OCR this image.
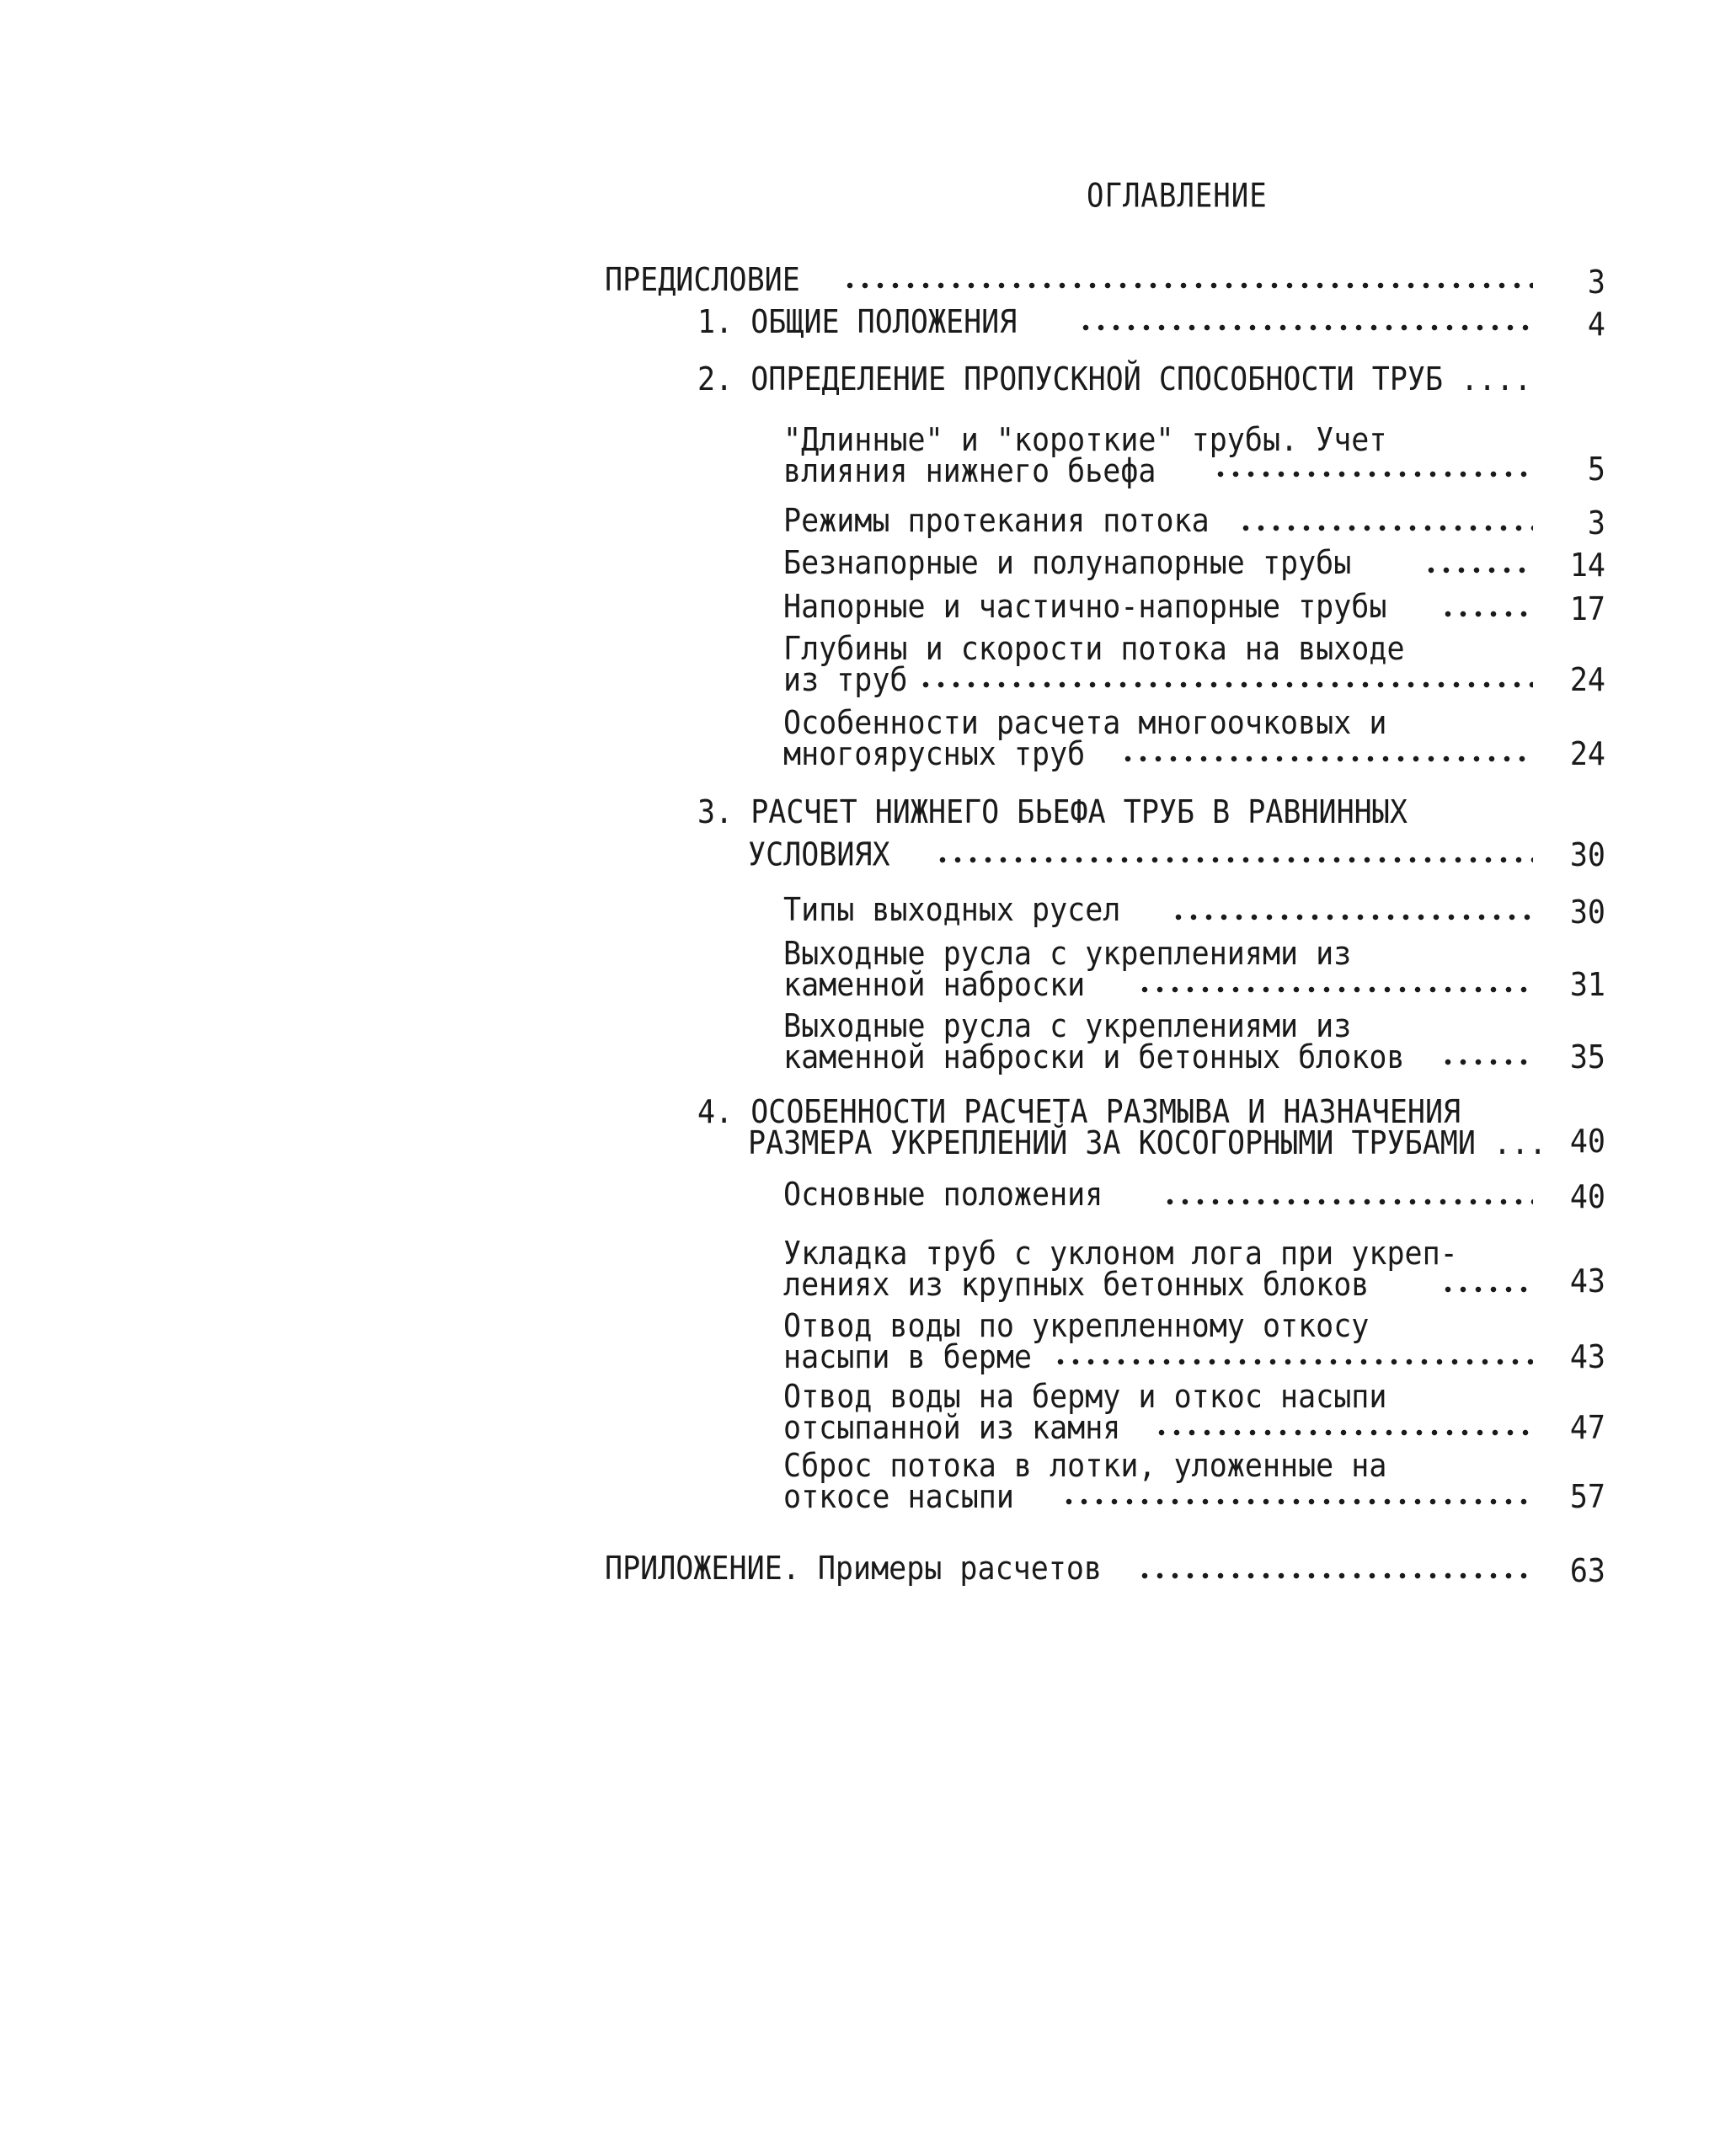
ОГЛАВЛЕНИЕ
ПРЕДИСЛОВИЕ	3
1. ОБЩИЕ ПОЛОЖЕНИЯ	4
2. ОПРЕДЕЛЕНИЕ ПРОПУСКНОЙ СПОСОБНОСТИ ТРУБ ....
"Длинные" и "короткие" трубы. Учет
влияния нижнего бьефа	5
Режимы протекания потока	3
Безнапорные и полунапорные трубы	14
Напорные и частично-напорные трубы	17
Глубины и скорости потока на выходе
из труб	24
Особенности расчета многоочковых и
многоярусных труб	24
3. РАСЧЕТ НИЖНЕГО БЬЕФА ТРУБ В РАВНИННЫХ
УСЛОВИЯХ	30
Типы выходных русел	30
Выходные русла с укреплениями из
каменной наброски	31
Выходные русла с укреплениями из
каменной наброски и бетонных блоков	35
4. ОСОБЕННОСТИ РАСЧЕТА РАЗМЫВА И НАЗНАЧЕНИЯ
РАЗМЕРА УКРЕПЛЕНИЙ ЗА КОСОГОРНЫМИ ТРУБАМИ ... 40
Основные положения	40
Укладка труб с уклоном лога при укреп-
лениях из крупных бетонных блоков	43
Отвод воды по укрепленному откосу
насыпи в берме	43
Отвод воды на берму и откос насыпи
отсыпанной из камня	47
Сброс потока в лотки, уложенные на
откосе насыпи	57
ПРИЛОЖЕНИЕ. Примеры расчетов	63
